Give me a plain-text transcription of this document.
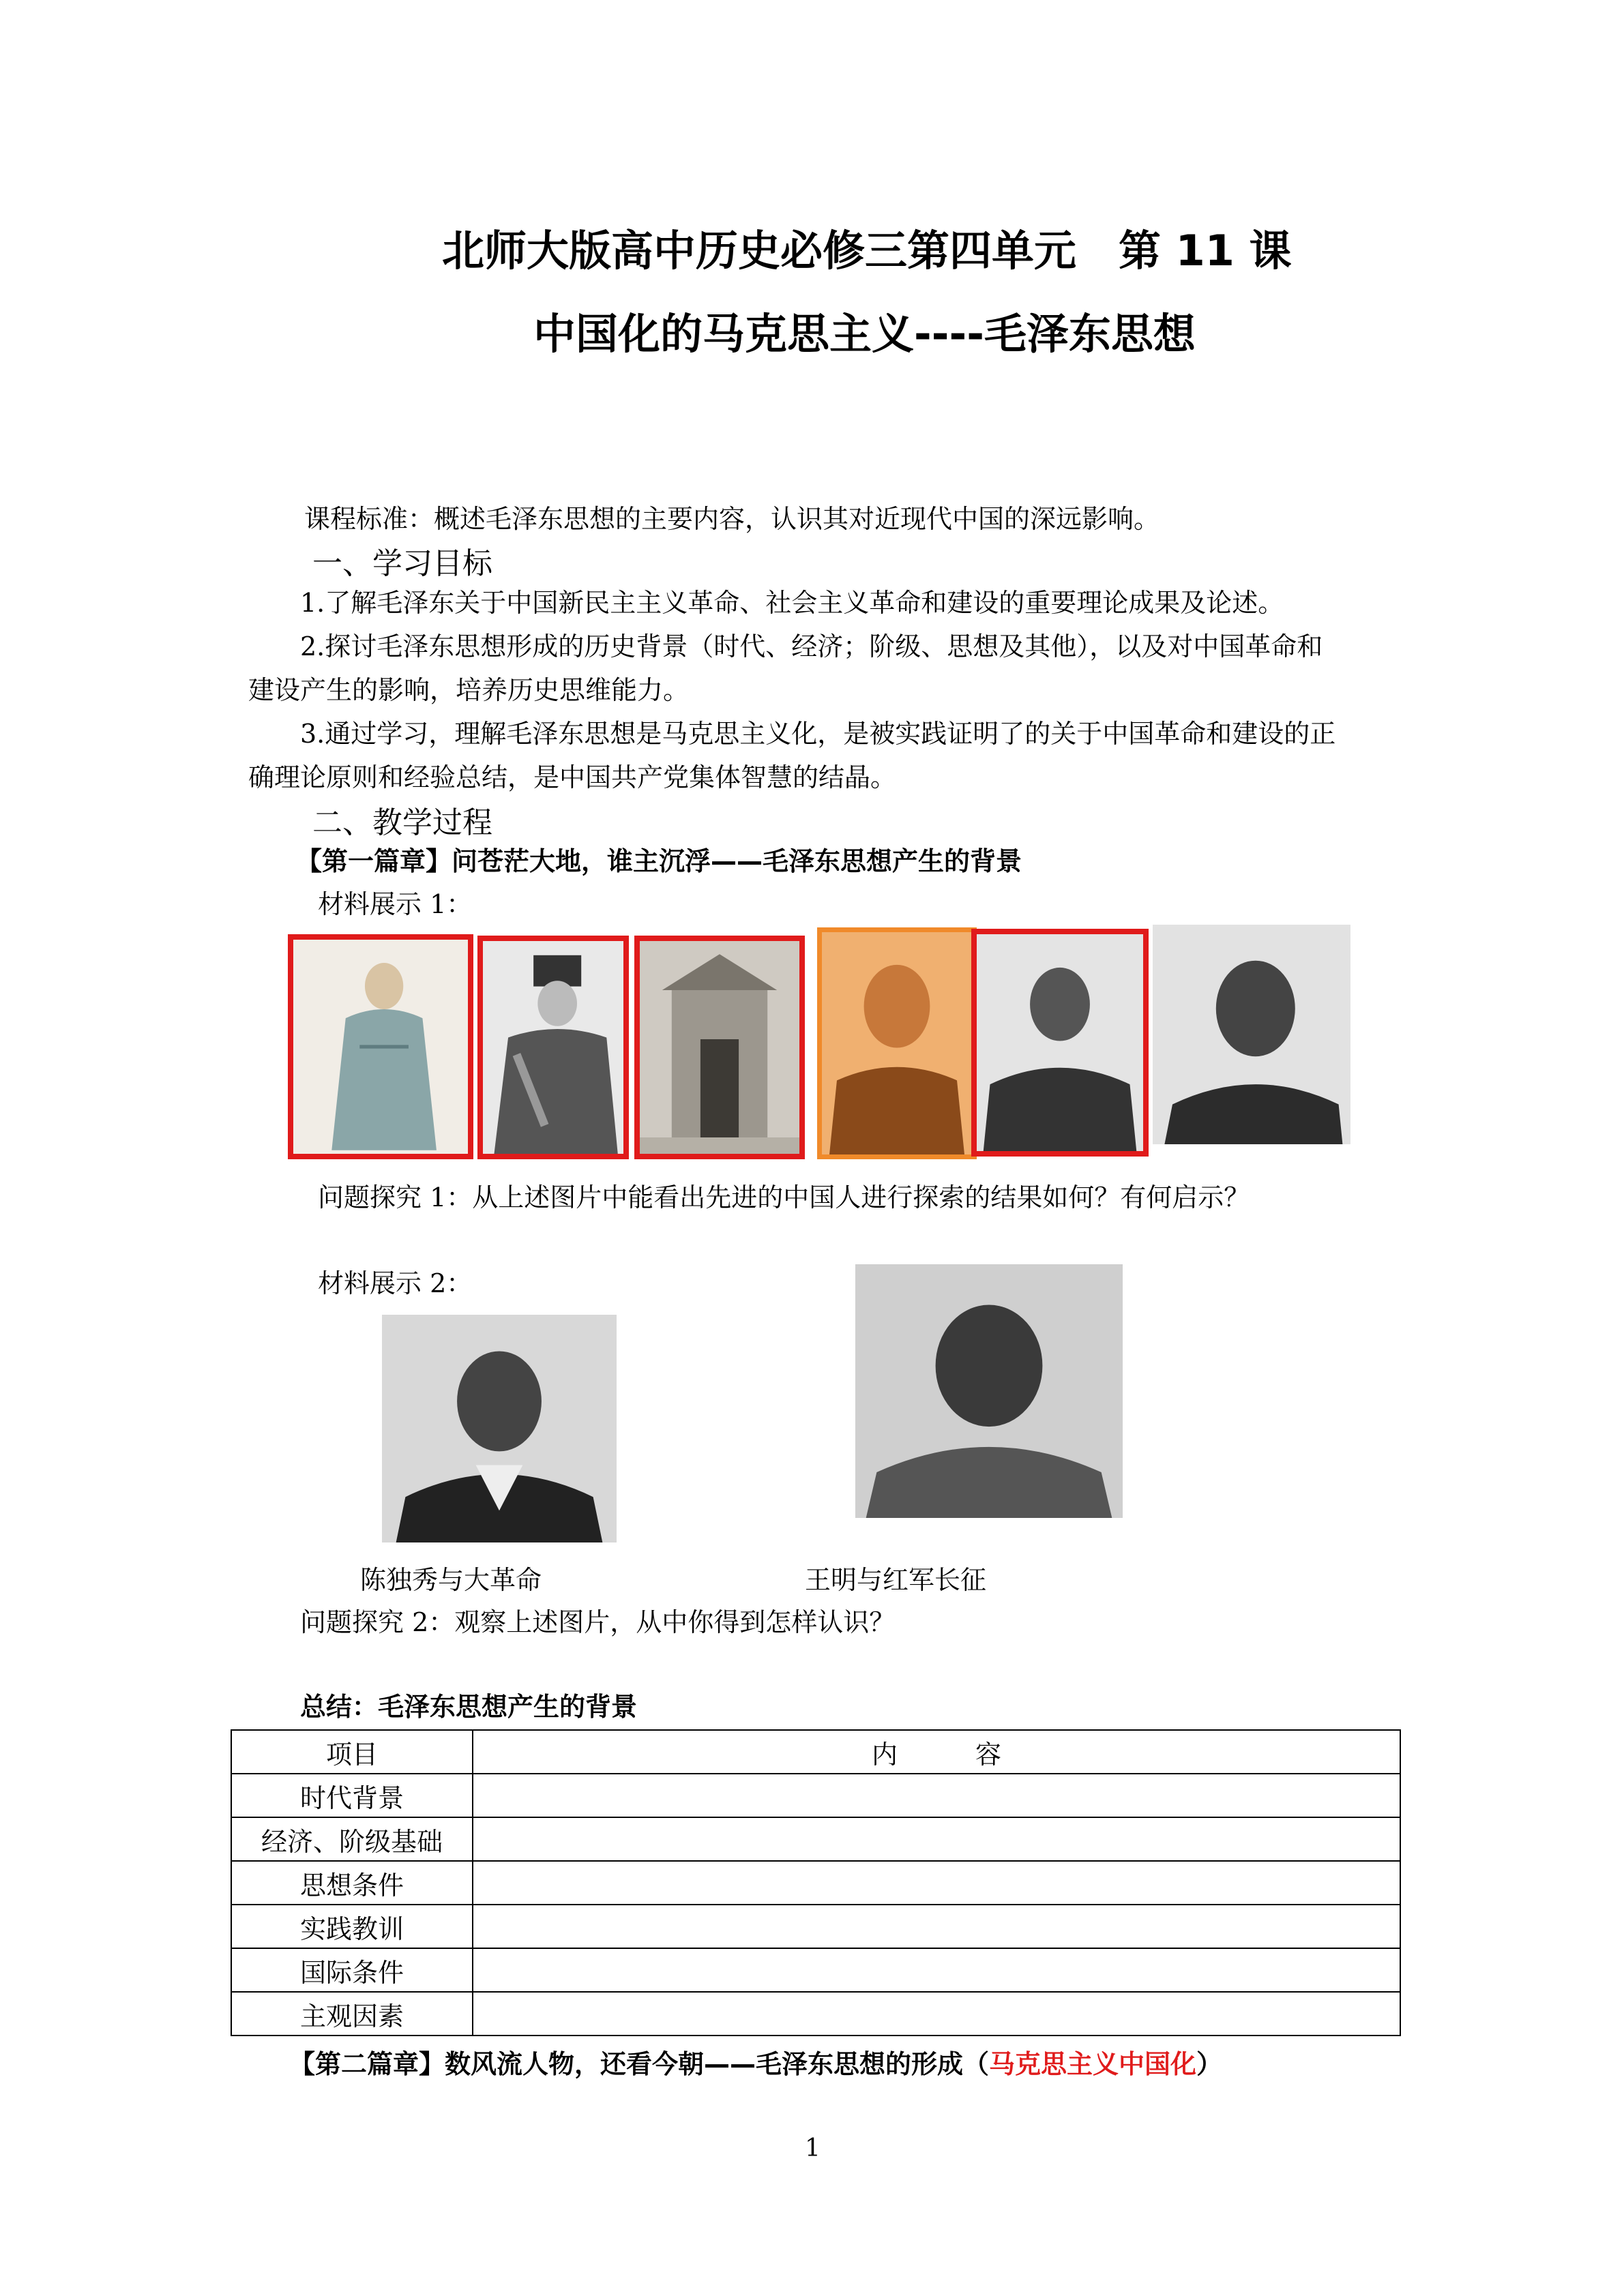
北师大版高中历史必修三第四单元　第 11 课
中国化的马克思主义----毛泽东思想
课程标准：概述毛泽东思想的主要内容，认识其对近现代中国的深远影响。
一、学习目标
1.了解毛泽东关于中国新民主主义革命、社会主义革命和建设的重要理论成果及论述。
2.探讨毛泽东思想形成的历史背景（时代、经济；阶级、思想及其他），以及对中国革命和
建设产生的影响，培养历史思维能力。
3.通过学习，理解毛泽东思想是马克思主义化，是被实践证明了的关于中国革命和建设的正
确理论原则和经验总结，是中国共产党集体智慧的结晶。
二、教学过程
【第一篇章】问苍茫大地，谁主沉浮——毛泽东思想产生的背景
材料展示 1：
问题探究 1：从上述图片中能看出先进的中国人进行探索的结果如何？有何启示？
材料展示 2：
陈独秀与大革命	王明与红军长征
问题探究 2：观察上述图片，从中你得到怎样认识？
总结：毛泽东思想产生的背景
项目	内　　　容
时代背景	
经济、阶级基础	
思想条件	
实践教训	
国际条件	
主观因素	
【第二篇章】数风流人物，还看今朝——毛泽东思想的形成（马克思主义中国化）
1
